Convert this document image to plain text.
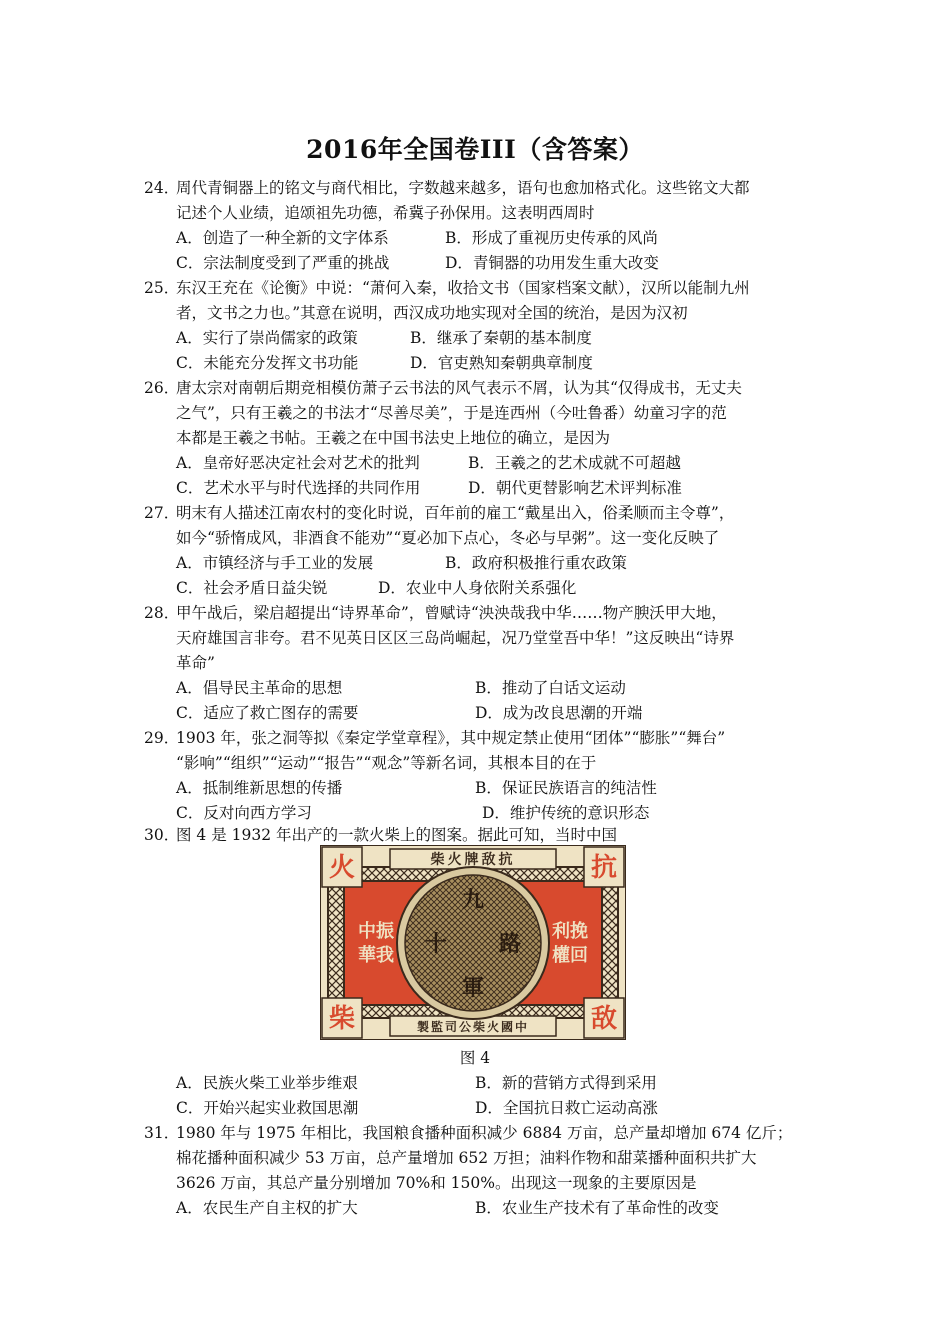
2016年全国卷III（含答案）
24．
周代青铜器上的铭文与商代相比，字数越来越多，语句也愈加格式化。这些铭文大都
记述个人业绩，追颂祖先功德，希冀子孙保用。这表明西周时
A．创造了一种全新的文字体系	B．形成了重视历史传承的风尚
C．宗法制度受到了严重的挑战	D．青铜器的功用发生重大改变
25．
东汉王充在《论衡》中说：“萧何入秦，收拾文书（国家档案文献），汉所以能制九州
者，文书之力也。”其意在说明，西汉成功地实现对全国的统治，是因为汉初
A．实行了崇尚儒家的政策	B．继承了秦朝的基本制度
C．未能充分发挥文书功能	D．官吏熟知秦朝典章制度
26．
唐太宗对南朝后期竞相模仿萧子云书法的风气表示不屑，认为其“仅得成书，无丈夫
之气”，只有王羲之的书法才“尽善尽美”，于是连西州（今吐鲁番）幼童习字的范
本都是王羲之书帖。王羲之在中国书法史上地位的确立，是因为
A．皇帝好恶决定社会对艺术的批判	B．王羲之的艺术成就不可超越
C．艺术水平与时代选择的共同作用	D．朝代更替影响艺术评判标准
27．
明末有人描述江南农村的变化时说，百年前的雇工“戴星出入，俗柔顺而主令尊”，
如今“骄惰成风，非酒食不能劝”“夏必加下点心，冬必与早粥”。这一变化反映了
A．市镇经济与手工业的发展	B．政府积极推行重农政策
C．社会矛盾日益尖锐	D．农业中人身依附关系强化
28．
甲午战后，梁启超提出“诗界革命”，曾赋诗“泱泱哉我中华……物产腴沃甲大地，
天府雄国言非夸。君不见英日区区三岛尚崛起，况乃堂堂吾中华！”这反映出“诗界
革命”
A．倡导民主革命的思想	B．推动了白话文运动
C．适应了救亡图存的需要	D．成为改良思潮的开端
29．
1903 年，张之洞等拟《秦定学堂章程》，其中规定禁止使用“团体”“膨胀”“舞台”
“影响”“组织”“运动”“报告”“观念”等新名词，其根本目的在于
A．抵制维新思想的传播	B．保证民族语言的纯洁性
C．反对向西方学习	D．维护传统的意识形态
30．
图 4 是 1932 年出产的一款火柴上的图案。据此可知，当时中国
柴火牌敌抗
製監司公柴火國中
火	抗
柴	敌
中振
華我
利挽
權回
九
十 路
軍
图 4
A．民族火柴工业举步维艰	B．新的营销方式得到采用
C．开始兴起实业救国思潮	D．全国抗日救亡运动高涨
31．
1980 年与 1975 年相比，我国粮食播种面积减少 6884 万亩，总产量却增加 674 亿斤；
棉花播种面积减少 53 万亩，总产量增加 652 万担；油料作物和甜菜播种面积共扩大
3626 万亩，其总产量分别增加 70%和 150%。出现这一现象的主要原因是
A．农民生产自主权的扩大	B．农业生产技术有了革命性的改变
